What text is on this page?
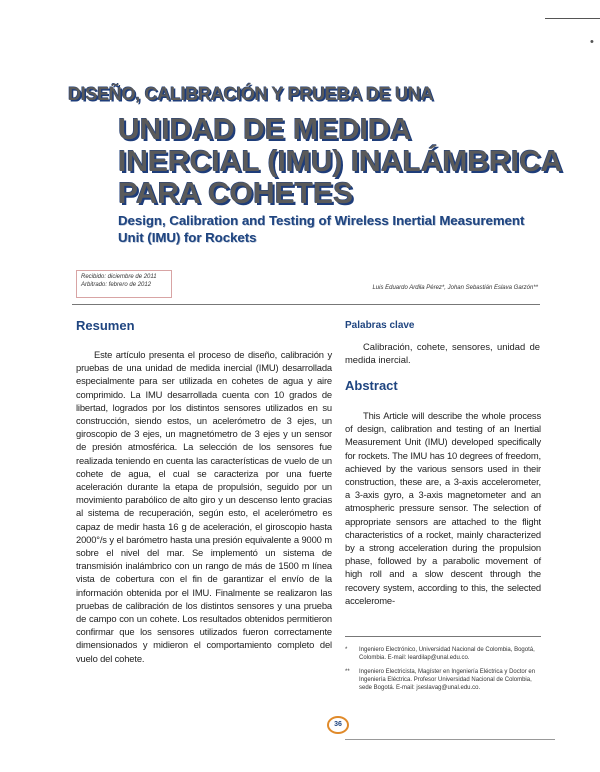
•
DISEÑO, CALIBRACIÓN Y PRUEBA DE UNA
UNIDAD DE MEDIDA
INERCIAL (IMU) INALÁMBRICA
PARA COHETES
Design, Calibration and Testing of Wireless Inertial Measurement
Unit (IMU) for Rockets
Recibido: diciembre de 2011
Arbitrado: febrero de 2012	Luis Eduardo Ardila Pérez*, Johan Sebastián Eslava Garzón**
Resumen

Este artículo presenta el proceso de diseño, calibración y pruebas de una unidad de medida inercial (IMU) desarrollada especialmente para ser utilizada en cohetes de agua y aire comprimido. La IMU desarrollada cuenta con 10 grados de libertad, logrados por los distintos sensores utilizados en su construcción, siendo estos, un acelerómetro de 3 ejes, un giroscopio de 3 ejes, un magnetómetro de 3 ejes y un sensor de presión atmosférica. La selección de los sensores fue realizada teniendo en cuenta las características de vuelo de un cohete de agua, el cual se caracteriza por una fuerte aceleración durante la etapa de propulsión, seguido por un movimiento parabólico de alto giro y un descenso lento gracias al sistema de recuperación, según esto, el acelerómetro es capaz de medir hasta 16 g de aceleración, el giroscopio hasta 2000°/s y el barómetro hasta una presión equivalente a 9000 m sobre el nivel del mar. Se implementó un sistema de transmisión inalámbrico con un rango de más de 1500 m línea vista de cobertura con el fin de garantizar el envío de la información obtenida por el IMU. Finalmente se realizaron las pruebas de calibración de los distintos sensores y una prueba de campo con un cohete. Los resultados obtenidos permitieron confirmar que los sensores utilizados fueron correctamente dimensionados y midieron el comportamiento completo del vuelo del cohete.

Palabras clave

Calibración, cohete, sensores, unidad de medida inercial.

Abstract

This Article will describe the whole process of design, calibration and testing of an Inertial Measurement Unit (IMU) developed specifically for rockets. The IMU has 10 degrees of freedom, achieved by the various sensors used in their construction, these are, a 3-axis accelerometer, a 3-axis gyro, a 3-axis magnetometer and an atmospheric pressure sensor. The selection of appropriate sensors are attached to the flight characteristics of a rocket, mainly characterized by a strong acceleration during the propulsion phase, followed by a parabolic movement of high roll and a slow descent through the recovery system, according to this, the selected accelerome-

*	Ingeniero Electrónico, Universidad Nacional de Colombia, Bogotá, Colombia. E-mail: leardilap@unal.edu.co.
**	Ingeniero Electricista, Magíster en Ingeniería Eléctrica y Doctor en Ingeniería Eléctrica. Profesor Universidad Nacional de Colombia, sede Bogotá. E-mail: jseslavag@unal.edu.co.
36
